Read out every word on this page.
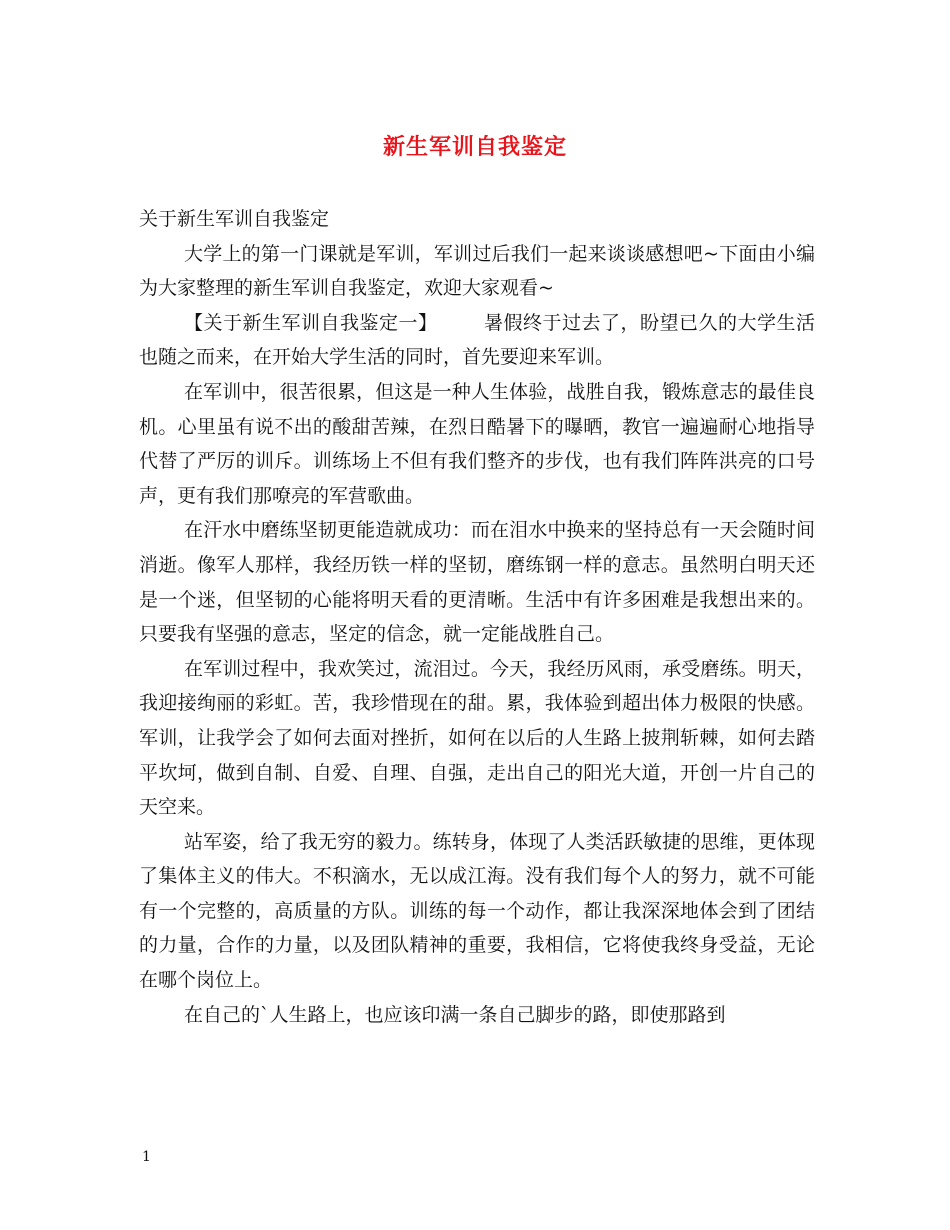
新生军训自我鉴定

关于新生军训自我鉴定

大学上的第一门课就是军训，军训过后我们一起来谈谈感想吧~下面由小编为大家整理的新生军训自我鉴定，欢迎大家观看~

【关于新生军训自我鉴定一】 暑假终于过去了，盼望已久的大学生活也随之而来，在开始大学生活的同时，首先要迎来军训。

在军训中，很苦很累，但这是一种人生体验，战胜自我，锻炼意志的最佳良机。心里虽有说不出的酸甜苦辣，在烈日酷暑下的曝晒，教官一遍遍耐心地指导代替了严厉的训斥。训练场上不但有我们整齐的步伐，也有我们阵阵洪亮的口号声，更有我们那嘹亮的军营歌曲。

在汗水中磨练坚韧更能造就成功：而在泪水中换来的坚持总有一天会随时间消逝。像军人那样，我经历铁一样的坚韧，磨练钢一样的意志。虽然明白明天还是一个迷，但坚韧的心能将明天看的更清晰。生活中有许多困难是我想出来的。只要我有坚强的意志，坚定的信念，就一定能战胜自己。

在军训过程中，我欢笑过，流泪过。今天，我经历风雨，承受磨练。明天，我迎接绚丽的彩虹。苦，我珍惜现在的甜。累，我体验到超出体力极限的快感。军训，让我学会了如何去面对挫折，如何在以后的人生路上披荆斩棘，如何去踏平坎坷，做到自制、自爱、自理、自强，走出自己的阳光大道，开创一片自己的天空来。

站军姿，给了我无穷的毅力。练转身，体现了人类活跃敏捷的思维，更体现了集体主义的伟大。不积滴水，无以成江海。没有我们每个人的努力，就不可能有一个完整的，高质量的方队。训练的每一个动作，都让我深深地体会到了团结的力量，合作的力量，以及团队精神的重要，我相信，它将使我终身受益，无论在哪个岗位上。

在自己的`人生路上，也应该印满一条自己脚步的路，即使那路到

1
